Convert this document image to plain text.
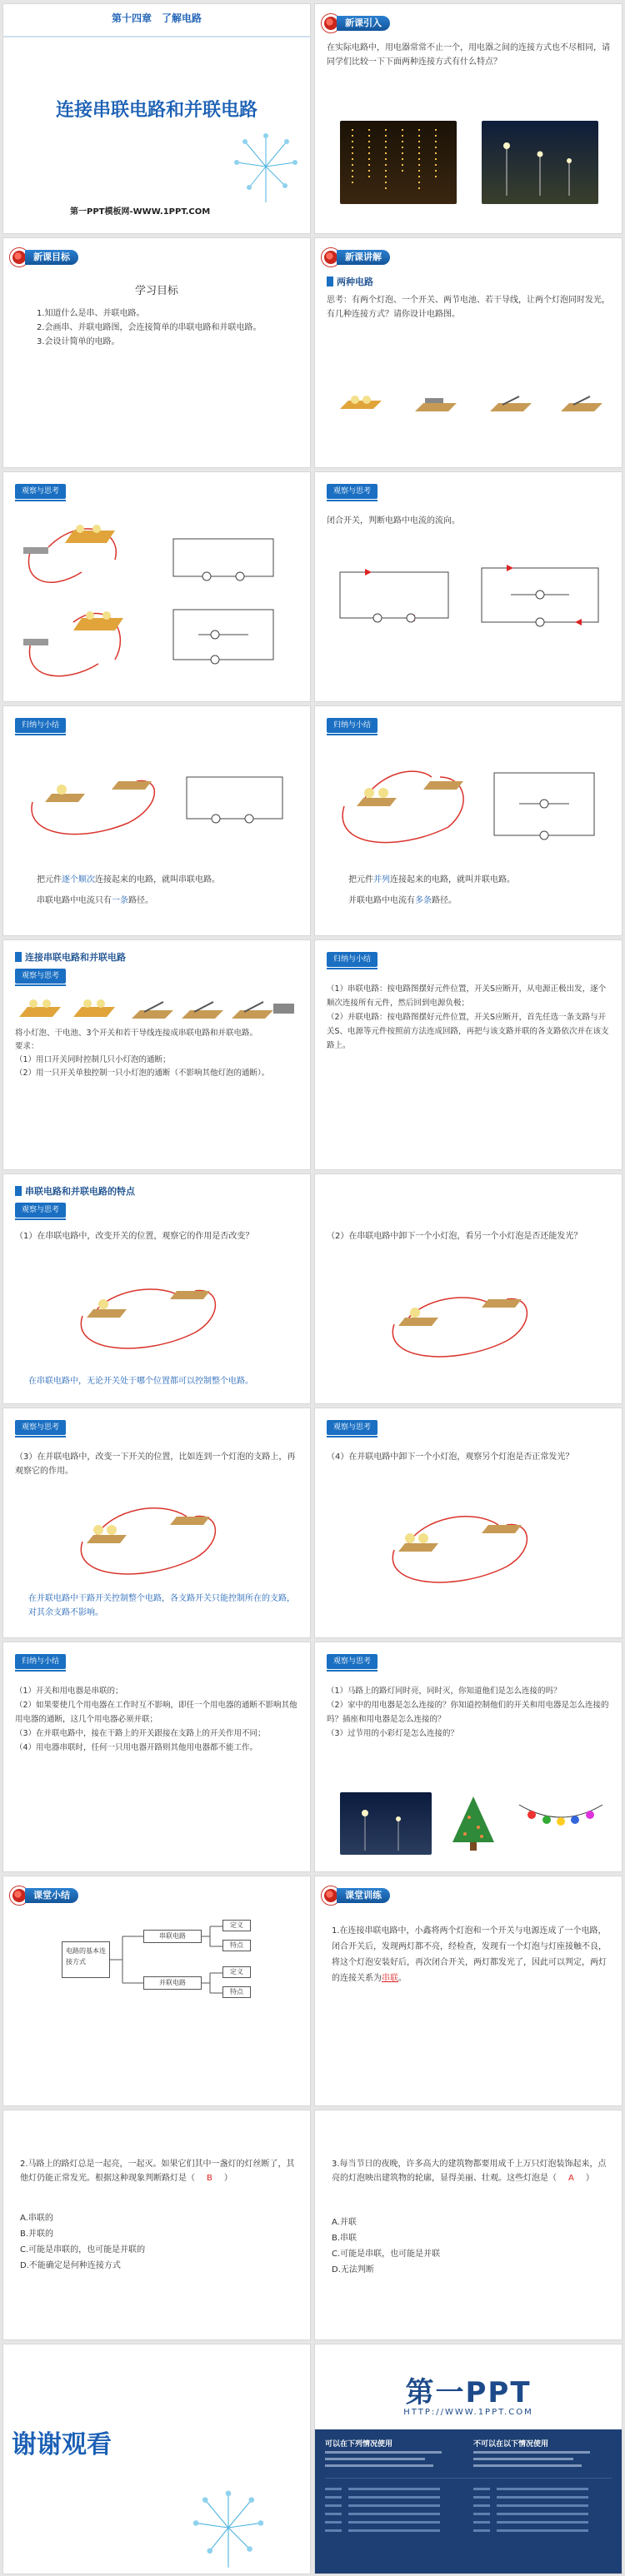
第十四章　了解电路
连接串联电路和并联电路
第一PPT模板网-WWW.1PPT.COM
新课引入
在实际电路中，用电器常常不止一个，用电器之间的连接方式也不尽相同，请同学们比较一下下面两种连接方式有什么特点？
新课目标
学习目标

1.知道什么是串、并联电路。

2.会画串、并联电路图，会连接简单的串联电路和并联电路。

3.会设计简单的电路。

新课讲解
两种电路
思考：有两个灯泡、一个开关、两节电池、若干导线，让两个灯泡同时发光，有几种连接方式？请你设计电路图。
观察与思考	观察与思考
闭合开关，判断电路中电流的流向。
归纳与小结

把元件逐个顺次连接起来的电路，就叫串联电路。

串联电路中电流只有一条路径。

归纳与小结

把元件并列连接起来的电路，就叫并联电路。

并联电路中电流有多条路径。

连接串联电路和并联电路
观察与思考

将小灯泡、干电池、3个开关和若干导线连接成串联电路和并联电路。

要求：

（1）用口开关同时控制几只小灯泡的通断；

（2）用一只开关单独控制一只小灯泡的通断（不影响其他灯泡的通断）。

归纳与小结

（1）串联电路：按电路图摆好元件位置，开关S应断开，从电源正极出发，逐个顺次连接所有元件，然后回到电源负极；

（2）并联电路：按电路图摆好元件位置，开关S应断开，首先任选一条支路与开关S、电源等元件按照前方法连成回路，再把与该支路并联的各支路依次并在该支路上。

串联电路和并联电路的特点
观察与思考
（1）在串联电路中，改变开关的位置，观察它的作用是否改变？
在串联电路中，无论开关处于哪个位置都可以控制整个电路。
（2）在串联电路中卸下一个小灯泡，看另一个小灯泡是否还能发光？
观察与思考
（3）在并联电路中，改变一下开关的位置，比如连到一个灯泡的支路上，再观察它的作用。
在并联电路中干路开关控制整个电路，各支路开关只能控制所在的支路，对其余支路不影响。
观察与思考
（4）在并联电路中卸下一个小灯泡，观察另个灯泡是否正常发光？
归纳与小结

（1）开关和用电器是串联的；

（2）如果要使几个用电器在工作时互不影响，即任一个用电器的通断不影响其他用电器的通断，这几个用电器必须并联；

（3）在并联电路中，接在干路上的开关跟接在支路上的开关作用不同；

（4）用电器串联时，任何一只用电器开路则其他用电器都不能工作。

观察与思考

（1）马路上的路灯同时亮，同时灭，你知道他们是怎么连接的吗？

（2）家中的用电器是怎么连接的？你知道控制他们的开关和用电器是怎么连接的吗？插座和用电器是怎么连接的？

（3）过节用的小彩灯是怎么连接的？

课堂小结
电路的基本连接方式
串联电路
并联电路
定义
特点
定义
特点
课堂训练
1.在连接串联电路中，小鑫将两个灯泡和一个开关与电源连成了一个电路，闭合开关后，发现两灯都不亮，经检查，发现有一个灯泡与灯座接触不良，将这个灯泡安装好后，再次闭合开关，两灯都发光了，因此可以判定，两灯的连接关系为串联。
2.马路上的路灯总是一起亮，一起灭。如果它们其中一盏灯的灯丝断了，其他灯仍能正常发光。根据这种现象判断路灯是（ B ）

A.串联的

B.并联的

C.可能是串联的，也可能是并联的

D.不能确定是何种连接方式

3.每当节日的夜晚，许多高大的建筑物都要用成千上万只灯泡装饰起来，点亮的灯泡映出建筑物的轮廓，显得美丽、壮观。这些灯泡是（ A ）

A.并联

B.串联

C.可能是串联，也可能是并联

D.无法判断

谢谢观看
第一PPT
HTTP://WWW.1PPT.COM
可以在下列情况使用	不可以在以下情况使用
